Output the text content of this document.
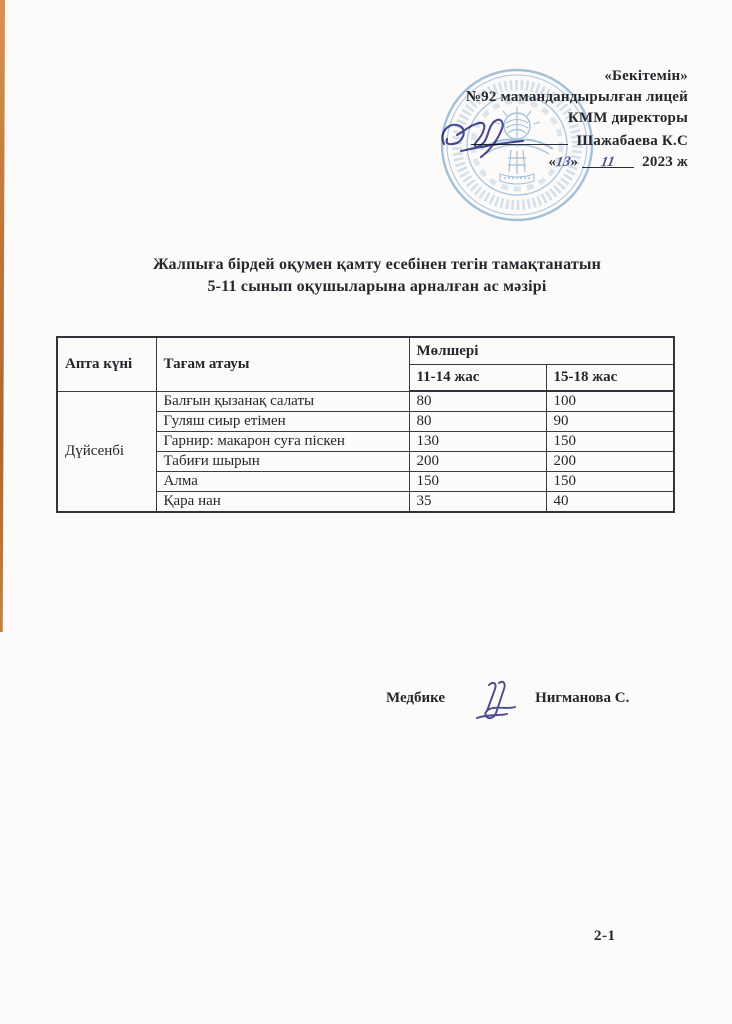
«Бекітемін»
№92 мамандандырылған лицей
КММ директоры
Шажабаева К.С
«13» 11 2023 ж
Жалпыға бірдей оқумен қамту есебінен тегін тамақтанатын
5-11 сынып оқушыларына арналған ас мәзірі
Апта күні	Тағам атауы	Мөлшері	
		11-14 жас	15-18 жас
Дүйсенбі	Балғын қызанақ салаты	80	100
	Гуляш сиыр етімен	80	90
	Гарнир: макарон суға піскен	130	150
	Табиғи шырын	200	200
	Алма	150	150
	Қара нан	35	40
Медбике	Нигманова С.
2-1
